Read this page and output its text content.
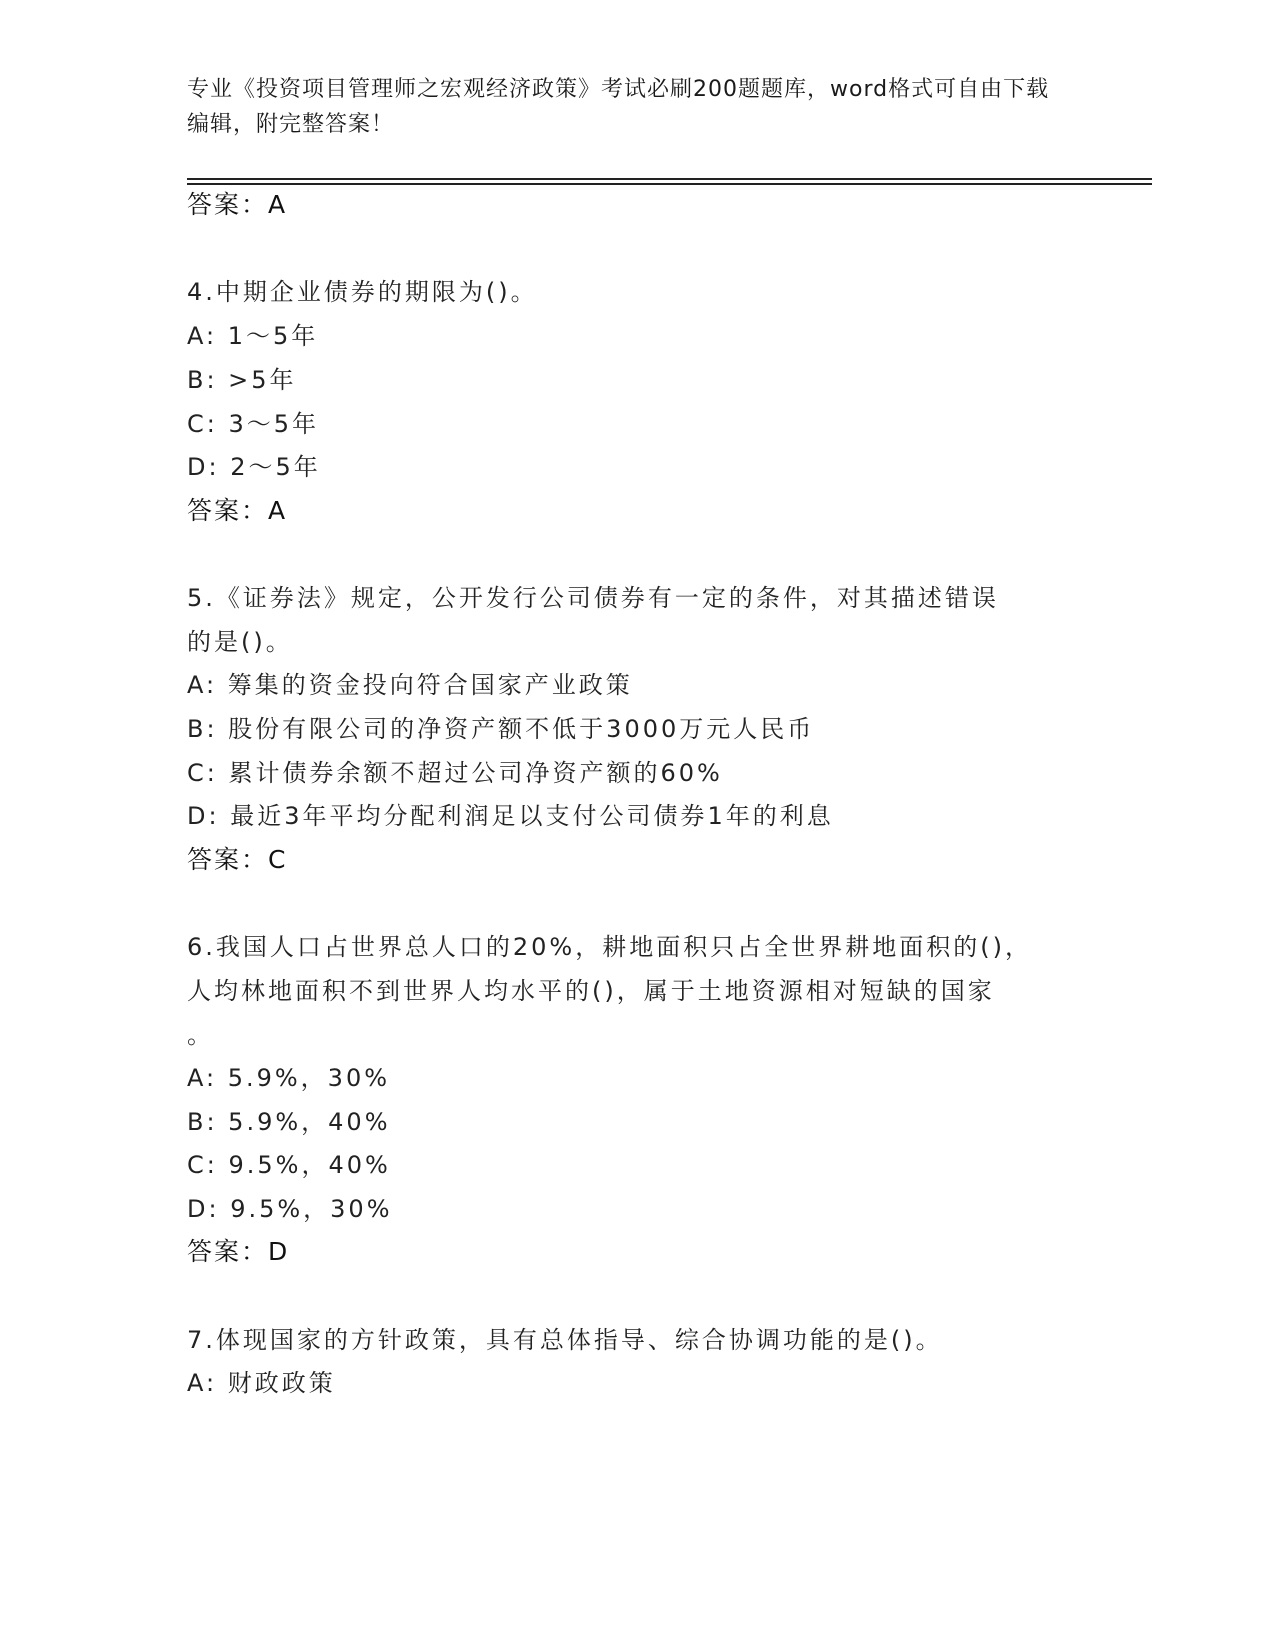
专业《投资项目管理师之宏观经济政策》考试必刷200题题库，word格式可自由下载编辑，附完整答案！
答案：A
4.中期企业债券的期限为()。
A: 1～5年
B: >5年
C: 3～5年
D: 2～5年
答案：A
5.《证券法》规定，公开发行公司债券有一定的条件，对其描述错误
的是()。
A: 筹集的资金投向符合国家产业政策
B: 股份有限公司的净资产额不低于3000万元人民币
C: 累计债券余额不超过公司净资产额的60%
D: 最近3年平均分配利润足以支付公司债券1年的利息
答案：C
6.我国人口占世界总人口的20%，耕地面积只占全世界耕地面积的()，
人均林地面积不到世界人均水平的()，属于土地资源相对短缺的国家
。
A: 5.9%，30%
B: 5.9%，40%
C: 9.5%，40%
D: 9.5%，30%
答案：D
7.体现国家的方针政策，具有总体指导、综合协调功能的是()。
A: 财政政策
